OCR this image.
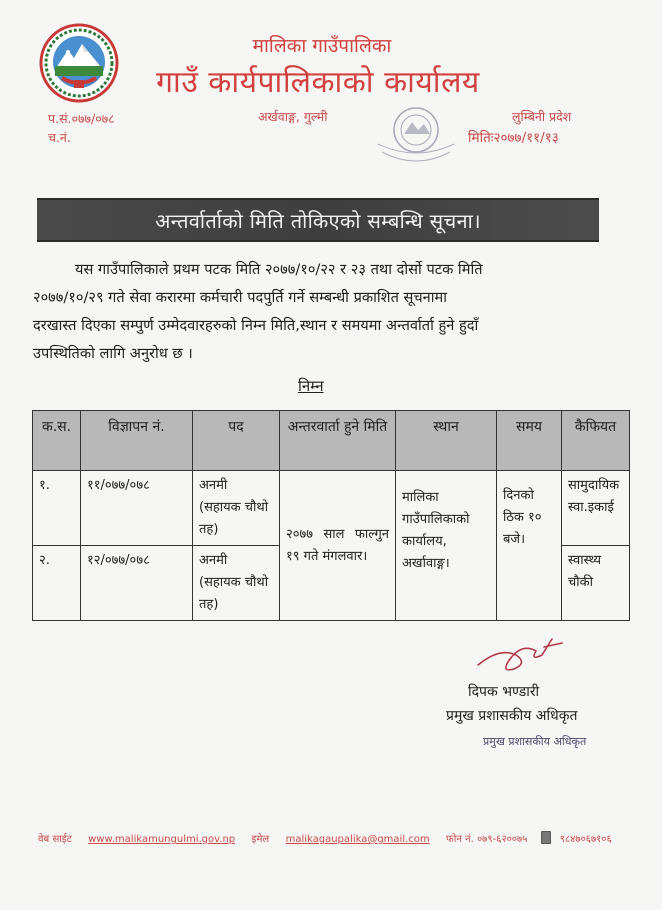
मालिका गाउँपालिका
गाउँ कार्यपालिकाको कार्यालय
प.सं.०७७/०७८
च.नं.
अर्खवाङ्ग, गुल्मी	लुम्बिनी प्रदेश
मितिः२०७७/११/१३
अन्तर्वार्ताको मिति तोकिएको सम्बन्धि सूचना।
यस गाउँपालिकाले प्रथम पटक मिति २०७७/१०/२२ र २३ तथा दोर्सो पटक मिति
२०७७/१०/२९ गते सेवा करारमा कर्मचारी पदपुर्ति गर्ने सम्बन्धी प्रकाशित सूचनामा
दरखास्त दिएका सम्पुर्ण उम्मेदवारहरुको निम्न मिति,स्थान र समयमा अन्तर्वार्ता हुने हुदाँ
उपस्थितिको लागि अनुरोध छ ।
निम्न
क.स.	विज्ञापन नं.	पद	अन्तरवार्ता हुने मिति	स्थान	समय	कैफियत
१.	११/०७७/०७८	अनमी (सहायक चौथो तह)	२०७७ साल फाल्गुन १९ गते मंगलवार।	मालिका गाउँपालिकाको कार्यालय, अर्खावाङ्ग।	दिनको ठिक १० बजे।	सामुदायिक स्वा.इकाई
२.	१२/०७७/०७८	अनमी (सहायक चौथो तह)				स्वास्थ्य चौकी
दिपक भण्डारी
प्रमुख प्रशासकीय अधिकृत
प्रमुख प्रशासकीय अधिकृत
वेब साईट www.malikamungulmi.gov.np इमेल malikagaupalika@gmail.com फोन नं. ०७९-६२००७५	९८४७०६७१०६
